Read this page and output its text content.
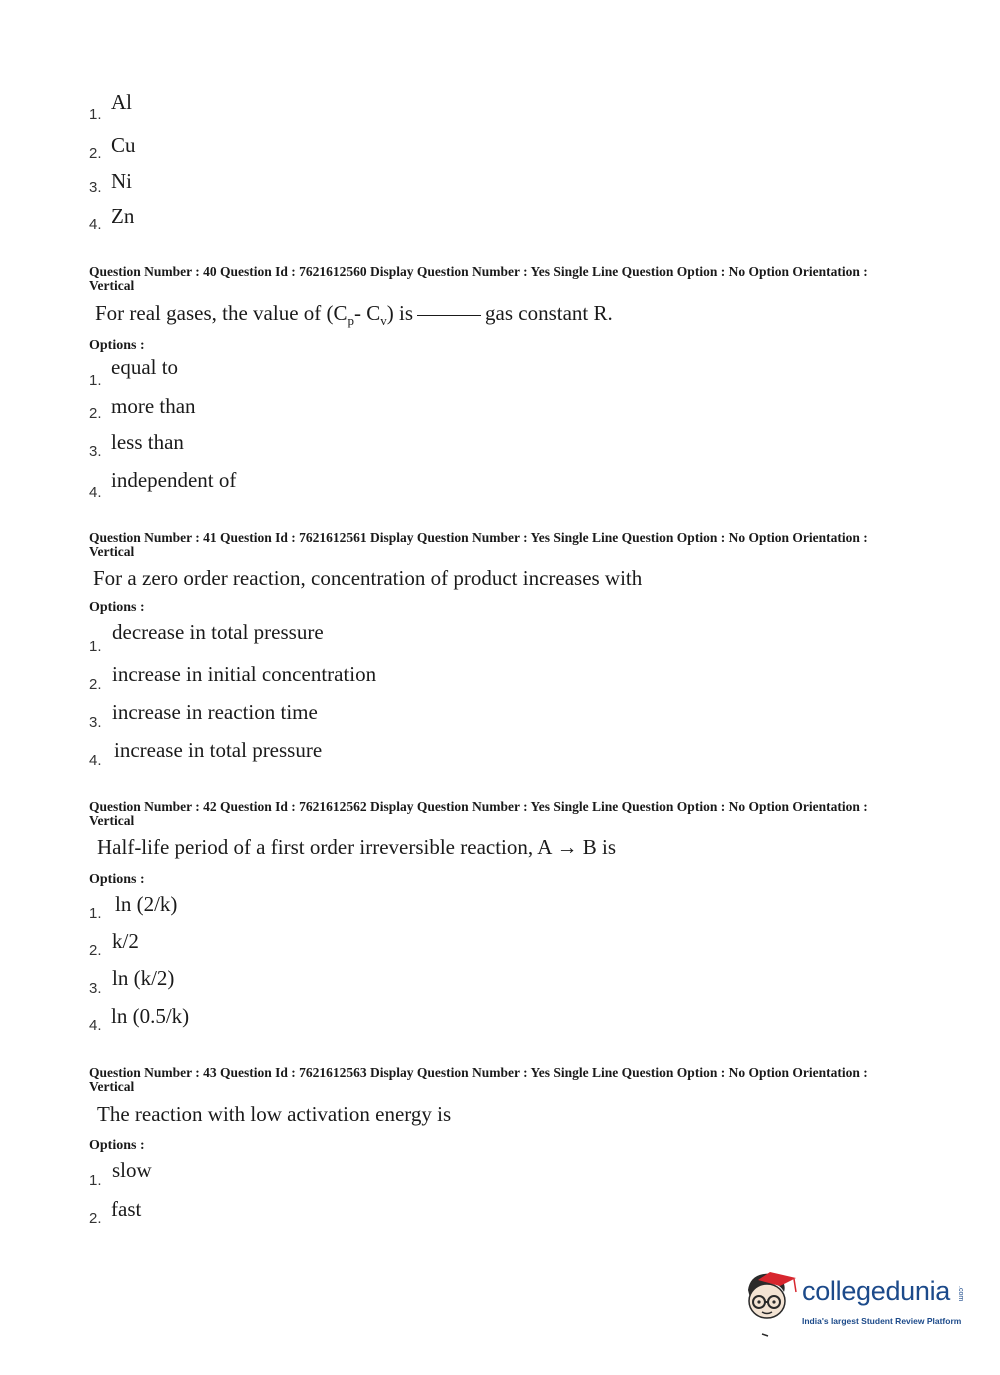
1.
Al
2. Cu
3. Ni
4. Zn
Question Number : 40 Question Id : 7621612560 Display Question Number : Yes Single Line Question Option : No Option Orientation : Vertical
For real gases, the value of ($C_p-$ $C_v$) is	gas constant R.
Options :
1.
equal to
2. more than
3. less than
4.
independent of
Question Number : 41 Question Id : 7621612561 Display Question Number : Yes Single Line Question Option : No Option Orientation : Vertical
For a zero order reaction, concentration of product increases with
Options :
1.
decrease in total pressure
2. increase in initial concentration
3. increase in reaction time
4. increase in total pressure
Question Number : 42 Question Id : 7621612562 Display Question Number : Yes Single Line Question Option : No Option Orientation : Vertical
Half-life period of a first order irreversible reaction, A → B is
Options :
1. ln (2/k)
2. k/2
3. ln (k/2)
4. ln (0.5/k)
Question Number : 43 Question Id : 7621612563 Display Question Number : Yes Single Line Question Option : No Option Orientation : Vertical
The reaction with low activation energy is
Options :
1. slow
2. fast
collegedunia .com
India's largest Student Review Platform
